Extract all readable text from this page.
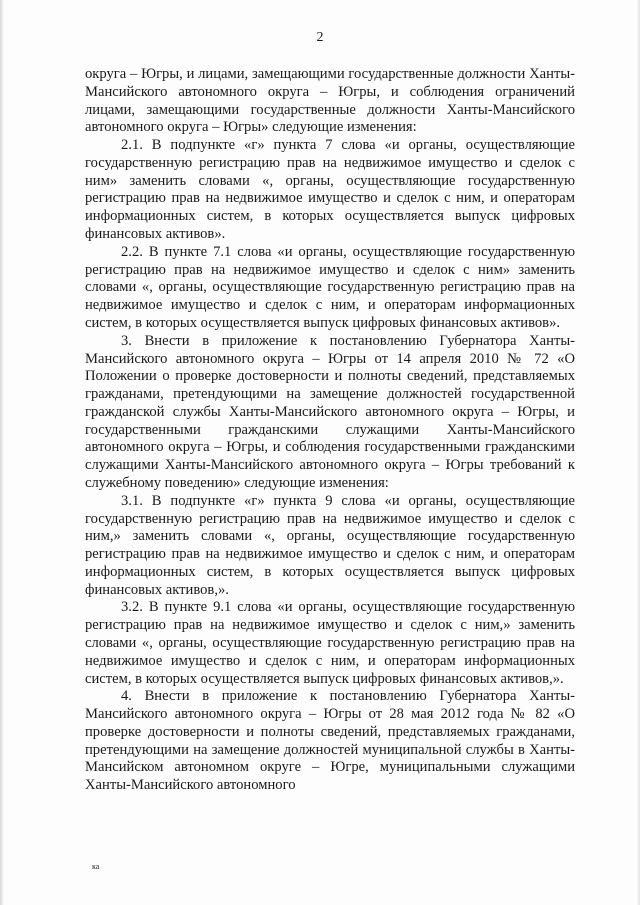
2

округа – Югры, и лицами, замещающими государственные должности Ханты-Мансийского автономного округа – Югры, и соблюдения ограничений лицами, замещающими государственные должности Ханты-Мансийского автономного округа – Югры» следующие изменения:

2.1. В подпункте «г» пункта 7 слова «и органы, осуществляющие государственную регистрацию прав на недвижимое имущество и сделок с ним» заменить словами «, органы, осуществляющие государственную регистрацию прав на недвижимое имущество и сделок с ним, и операторам информационных систем, в которых осуществляется выпуск цифровых финансовых активов».

2.2. В пункте 7.1 слова «и органы, осуществляющие государственную регистрацию прав на недвижимое имущество и сделок с ним» заменить словами «, органы, осуществляющие государственную регистрацию прав на недвижимое имущество и сделок с ним, и операторам информационных систем, в которых осуществляется выпуск цифровых финансовых активов».

3. Внести в приложение к постановлению Губернатора Ханты-Мансийского автономного округа – Югры от 14 апреля 2010 № 72 «О Положении о проверке достоверности и полноты сведений, представляемых гражданами, претендующими на замещение должностей государственной гражданской службы Ханты-Мансийского автономного округа – Югры, и государственными гражданскими служащими Ханты-Мансийского автономного округа – Югры, и соблюдения государственными гражданскими служащими Ханты-Мансийского автономного округа – Югры требований к служебному поведению» следующие изменения:

3.1. В подпункте «г» пункта 9 слова «и органы, осуществляющие государственную регистрацию прав на недвижимое имущество и сделок с ним,» заменить словами «, органы, осуществляющие государственную регистрацию прав на недвижимое имущество и сделок с ним, и операторам информационных систем, в которых осуществляется выпуск цифровых финансовых активов,».

3.2. В пункте 9.1 слова «и органы, осуществляющие государственную регистрацию прав на недвижимое имущество и сделок с ним,» заменить словами «, органы, осуществляющие государственную регистрацию прав на недвижимое имущество и сделок с ним, и операторам информационных систем, в которых осуществляется выпуск цифровых финансовых активов,».

4. Внести в приложение к постановлению Губернатора Ханты-Мансийского автономного округа – Югры от 28 мая 2012 года № 82 «О проверке достоверности и полноты сведений, представляемых гражданами, претендующими на замещение должностей муниципальной службы в Ханты-Мансийском автономном округе – Югре, муниципальными служащими Ханты-Мансийского автономного

ка
